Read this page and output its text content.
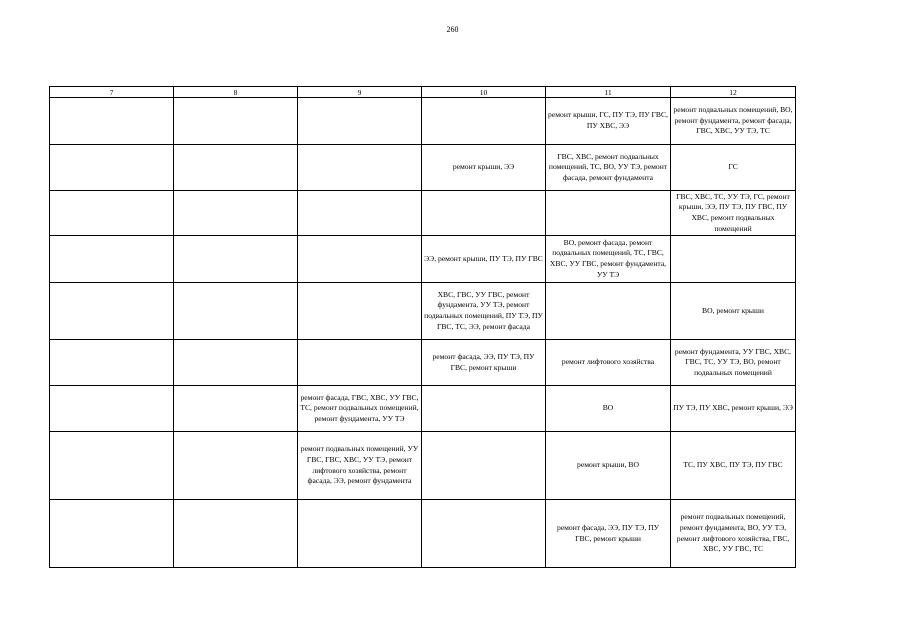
260
7	8	9	10	11	12
				ремонт крыши, ГС, ПУ ТЭ, ПУ ГВС, ПУ ХВС, ЭЭ	ремонт подвальных помещений, ВО, ремонт фундамента, ремонт фасада, ГВС, ХВС, УУ ТЭ, ТС
			ремонт крыши, ЭЭ	ГВС, ХВС, ремонт подвальных помещений, ТС, ВО, УУ ТЭ, ремонт фасада, ремонт фундамента	ГС
					ГВС, ХВС, ТС, УУ ТЭ, ГС, ремонт крыши, ЭЭ, ПУ ТЭ, ПУ ГВС, ПУ ХВС, ремонт подвальных помещений
			ЭЭ, ремонт крыши, ПУ ТЭ, ПУ ГВС	ВО, ремонт фасада, ремонт подвальных помещений, ТС, ГВС, ХВС, УУ ГВС, ремонт фундамента, УУ ТЭ	
			ХВС, ГВС, УУ ГВС, ремонт фундамента, УУ ТЭ, ремонт подвальных помещений, ПУ ТЭ, ПУ ГВС, ТС, ЭЭ, ремонт фасада		ВО, ремонт крыши
			ремонт фасада, ЭЭ, ПУ ТЭ, ПУ ГВС, ремонт крыши	ремонт лифтового хозяйства	ремонт фундамента, УУ ГВС, ХВС, ГВС, ТС, УУ ТЭ, ВО, ремонт подвальных помещений
		ремонт фасада, ГВС, ХВС, УУ ГВС, ТС, ремонт подвальных помещений, ремонт фундамента, УУ ТЭ		ВО	ПУ ТЭ, ПУ ХВС, ремонт крыши, ЭЭ
		ремонт подвальных помещений, УУ ГВС, ГВС, ХВС, УУ ТЭ, ремонт лифтового хозяйства, ремонт фасада, ЭЭ, ремонт фундамента		ремонт крыши, ВО	ТС, ПУ ХВС, ПУ ТЭ, ПУ ГВС
				ремонт фасада, ЭЭ, ПУ ТЭ, ПУ ГВС, ремонт крыши	ремонт подвальных помещений, ремонт фундамента, ВО, УУ ТЭ, ремонт лифтового хозяйства, ГВС, ХВС, УУ ГВС, ТС
